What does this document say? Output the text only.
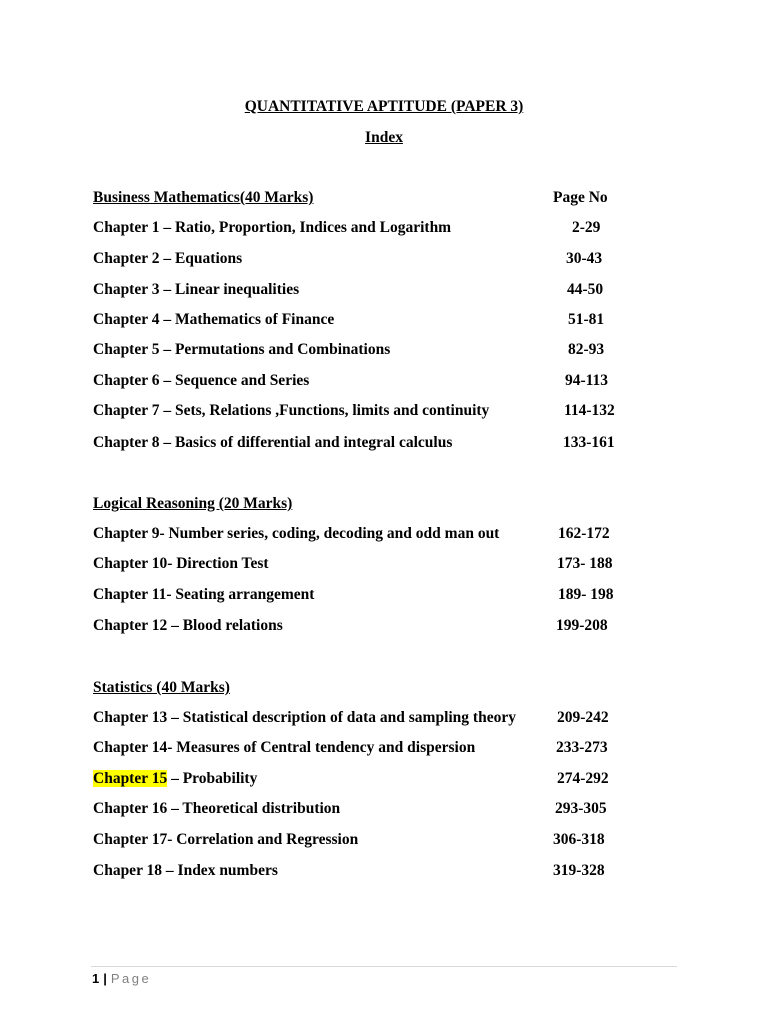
QUANTITATIVE APTITUDE (PAPER 3)
Index
Business Mathematics(40 Marks)	Page No
Chapter 1 – Ratio, Proportion, Indices and Logarithm	2-29
Chapter 2 – Equations	30-43
Chapter 3 – Linear inequalities	44-50
Chapter 4 – Mathematics of Finance	51-81
Chapter 5 – Permutations and Combinations	82-93
Chapter 6 – Sequence and Series	94-113
Chapter 7 – Sets, Relations ,Functions, limits and continuity	114-132
Chapter 8 – Basics of differential and integral calculus	133-161
Logical Reasoning (20 Marks)
Chapter 9- Number series, coding, decoding and odd man out	162-172
Chapter 10- Direction Test	173- 188
Chapter 11- Seating arrangement	189- 198
Chapter 12 – Blood relations	199-208
Statistics (40 Marks)
Chapter 13 – Statistical description of data and sampling theory	209-242
Chapter 14- Measures of Central tendency and dispersion	233-273
Chapter 15 – Probability	274-292
Chapter 16 – Theoretical distribution	293-305
Chapter 17- Correlation and Regression	306-318
Chaper 18 – Index numbers	319-328
1 | Page
